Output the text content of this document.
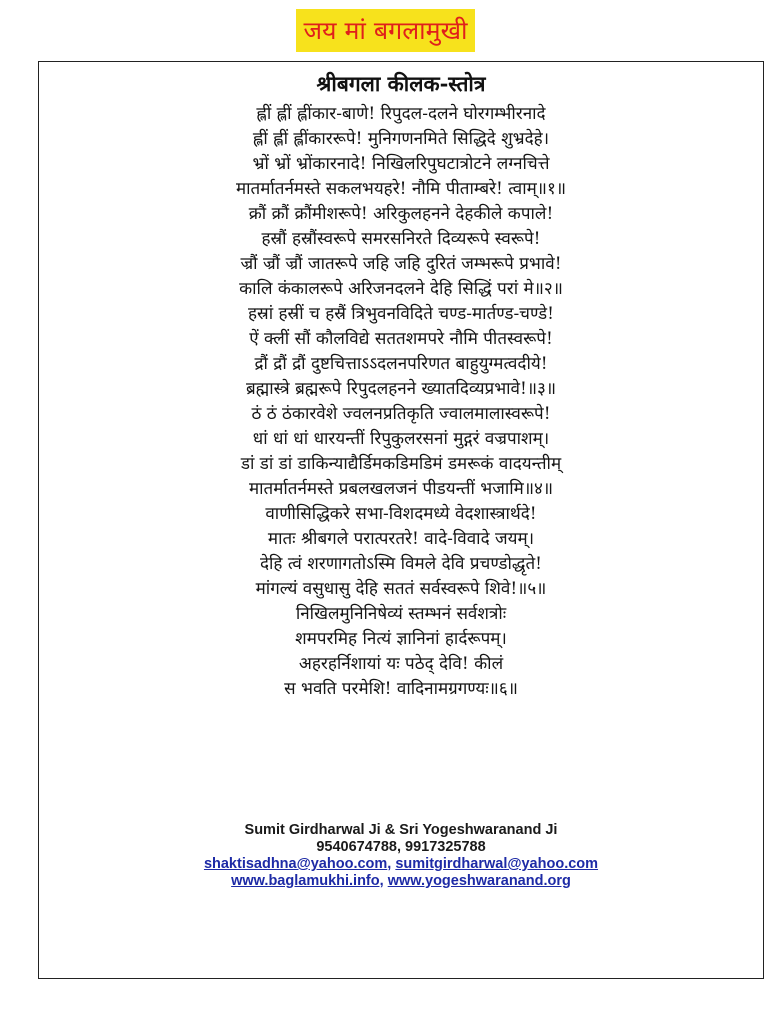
जय मां बगलामुखी
श्रीबगला कीलक-स्तोत्र
ह्लीं ह्लीं ह्लींकार-बाणे! रिपुदल-दलने घोरगम्भीरनादे
ह्लीं ह्लीं ह्लींकाररूपे! मुनिगणनमिते सिद्धिदे शुभ्रदेहे।
भ्रों भ्रों भ्रोंकारनादे! निखिलरिपुघटात्रोटने लग्नचित्ते
मातर्मातर्नमस्ते सकलभयहरे! नौमि पीताम्बरे! त्वाम्॥१॥
क्रौं क्रौं क्रौंमीशरूपे! अरिकुलहनने देहकीले कपाले!
हस्रौं हस्रौंस्वरूपे समरसनिरते दिव्यरूपे स्वरूपे!
ज्रौं ज्रौं ज्रौं जातरूपे जहि जहि दुरितं जम्भरूपे प्रभावे!
कालि कंकालरूपे अरिजनदलने देहि सिद्धिं परां मे॥२॥
हस्रां हस्रीं च हस्रैं त्रिभुवनविदिते चण्ड-मार्तण्ड-चण्डे!
ऐं क्लीं सौं कौलविद्ये सततशमपरे नौमि पीतस्वरूपे!
द्रौं द्रौं द्रौं दुष्टचित्ताऽऽदलनपरिणत बाहुयुग्मत्वदीये!
ब्रह्मास्त्रे ब्रह्मरूपे रिपुदलहनने ख्यातदिव्यप्रभावे!॥३॥
ठं ठं ठंकारवेशे ज्वलनप्रतिकृति ज्वालमालास्वरूपे!
धां धां धां धारयन्तीं रिपुकुलरसनां मुद्गरं वज्रपाशम्।
डां डां डां डाकिन्याद्यैर्डिमकडिमडिमं डमरूकं वादयन्तीम्
मातर्मातर्नमस्ते प्रबलखलजनं पीडयन्तीं भजामि॥४॥
वाणीसिद्धिकरे सभा-विशदमध्ये वेदशास्त्रार्थदे!
मातः श्रीबगले परात्परतरे! वादे-विवादे जयम्।
देहि त्वं शरणागतोऽस्मि विमले देवि प्रचण्डोद्धृते!
मांगल्यं वसुधासु देहि सततं सर्वस्वरूपे शिवे!॥५॥
निखिलमुनिनिषेव्यं स्तम्भनं सर्वशत्रोः
शमपरमिह नित्यं ज्ञानिनां हार्दरूपम्।
अहरहर्निशायां यः पठेद् देवि! कीलं
स भवति परमेशि! वादिनामग्रगण्यः॥६॥
Sumit Girdharwal Ji & Sri Yogeshwaranand Ji
9540674788, 9917325788
shaktisadhna@yahoo.com, sumitgirdharwal@yahoo.com
www.baglamukhi.info, www.yogeshwaranand.org
